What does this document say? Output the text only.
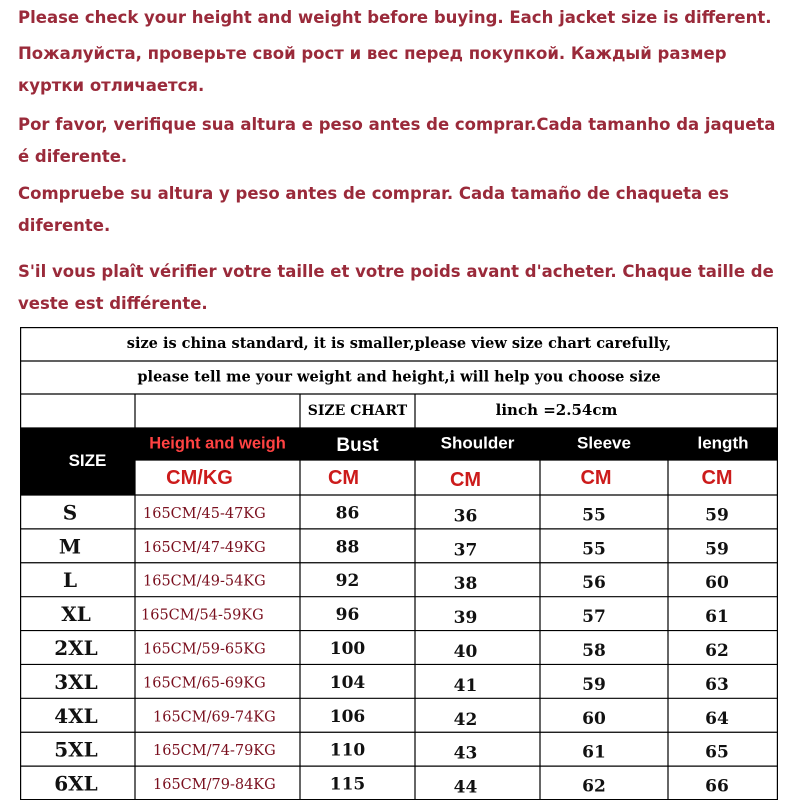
Please check your height and weight before buying. Each jacket size is different.
Пожалуйста, проверьте свой рост и вес перед покупкой. Каждый размер куртки отличается.
Por favor, verifique sua altura e peso antes de comprar.Cada tamanho da jaqueta é diferente.
Compruebe su altura y peso antes de comprar. Cada tamaño de chaqueta es diferente.
S'il vous plaît vérifier votre taille et votre poids avant d'acheter. Chaque taille de veste est différente.
size is china standard, it is smaller,please view size chart carefully,
please tell me your weight and height,i will help you choose size
SIZE CHART	linch =2.54cm
SIZE
Height and weigh	Bust	Shoulder	Sleeve	length
CM/KG	CM	CM	CM	CM
S	165CM/45-47KG	86	36	55	59
M	165CM/47-49KG	88	37	55	59
L	165CM/49-54KG	92	38	56	60
XL	165CM/54-59KG	96	39	57	61
2XL	165CM/59-65KG	100	40	58	62
3XL	165CM/65-69KG	104	41	59	63
4XL	165CM/69-74KG	106	42	60	64
5XL	165CM/74-79KG	110	43	61	65
6XL	165CM/79-84KG	115	44	62	66
